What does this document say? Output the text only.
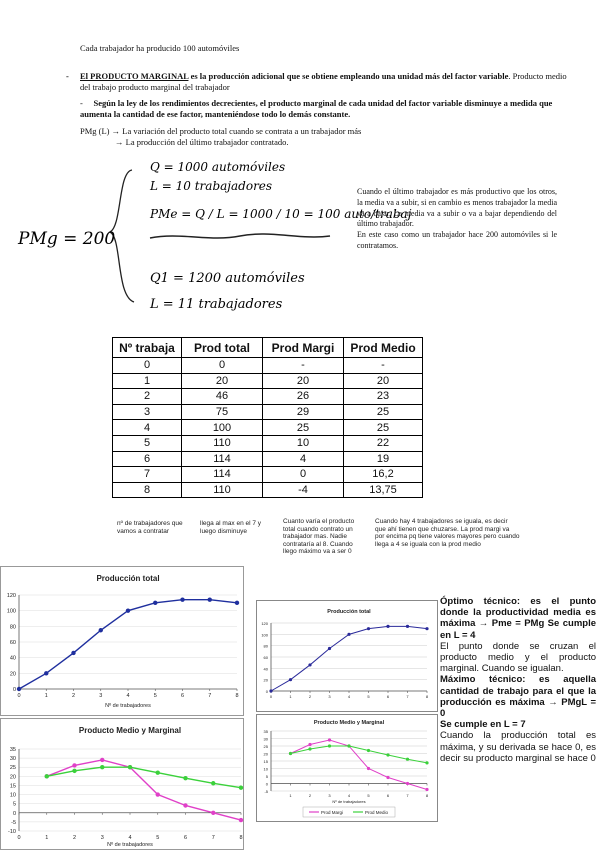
Cada trabajador ha producido 100 automóviles
- El PRODUCTO MARGINAL es la producción adicional que se obtiene empleando una unidad más del factor variable. Producto medio del trabajo producto marginal del trabajador
- Según la ley de los rendimientos decrecientes, el producto marginal de cada unidad del factor variable disminuye a medida que aumenta la cantidad de ese factor, manteniéndose todo lo demás constante.
PMg (L) → La variación del producto total cuando se contrata a un trabajador más
→ La producción del último trabajador contratado.
PMg = 200
Q = 1000 automóviles
L = 10 trabajadores
PMe = Q / L = 1000 / 10 = 100 auto/trabaj
Q1 = 1200 automóviles
L = 11 trabajadores
Cuando el último trabajador es más productivo que los otros, la media va a subir, si en cambio es menos trabajador la media va a bajar. La media va a subir o va a bajar dependiendo del último trabajador.
En este caso como un trabajador hace 200 automóviles si le contratamos.
Nº trabaja	Prod total	Prod Margi	Prod Medio
0	0	-	-
1	20	20	20
2	46	26	23
3	75	29	25
4	100	25	25
5	110	10	22
6	114	4	19
7	114	0	16,2
8	110	-4	13,75
nº de trabajadores que vamos a contratar
llega al max en el 7 y luego disminuye
Cuanto varía el producto total cuando contrato un trabajador mas. Nadie contrataría al 8. Cuando llego máximo va a ser 0
Cuando hay 4 trabajadores se iguala, es decir que ahí tienen que chuzarse. La prod margi va por encima pq tiene valores mayores pero cuando llega a 4 se iguala con la prod medio
Producción total
0
20
40
60
80
100
120
0	1	2	3	4	5	6	7	8
Nº de trabajadores
Producto Medio y Marginal
-10
-5
0
5
10
15
20
25
30
35
0	1	2	3	4	5	6	7	8
Nº de trabajadores
Producción total
0
20
40
60
80
100
120
0	1	2	3	4	5	6	7	8
Producto Medio y Marginal
-5
0
5
10
15
20
25
30
35
1	2	3	4	5	6	7	8
Nº de trabajadores
Prod Margi	Prod Medio
Óptimo técnico: es el punto donde la productividad media es máxima → Pme = PMg Se cumple en L = 4
El punto donde se cruzan el producto medio y el producto marginal. Cuando se igualan.
Máximo técnico: es aquella cantidad de trabajo para el que la producción es máxima → PMgL = 0
Se cumple en L = 7
Cuando la producción total es máxima, y su derivada se hace 0, es decir su producto marginal se hace 0
